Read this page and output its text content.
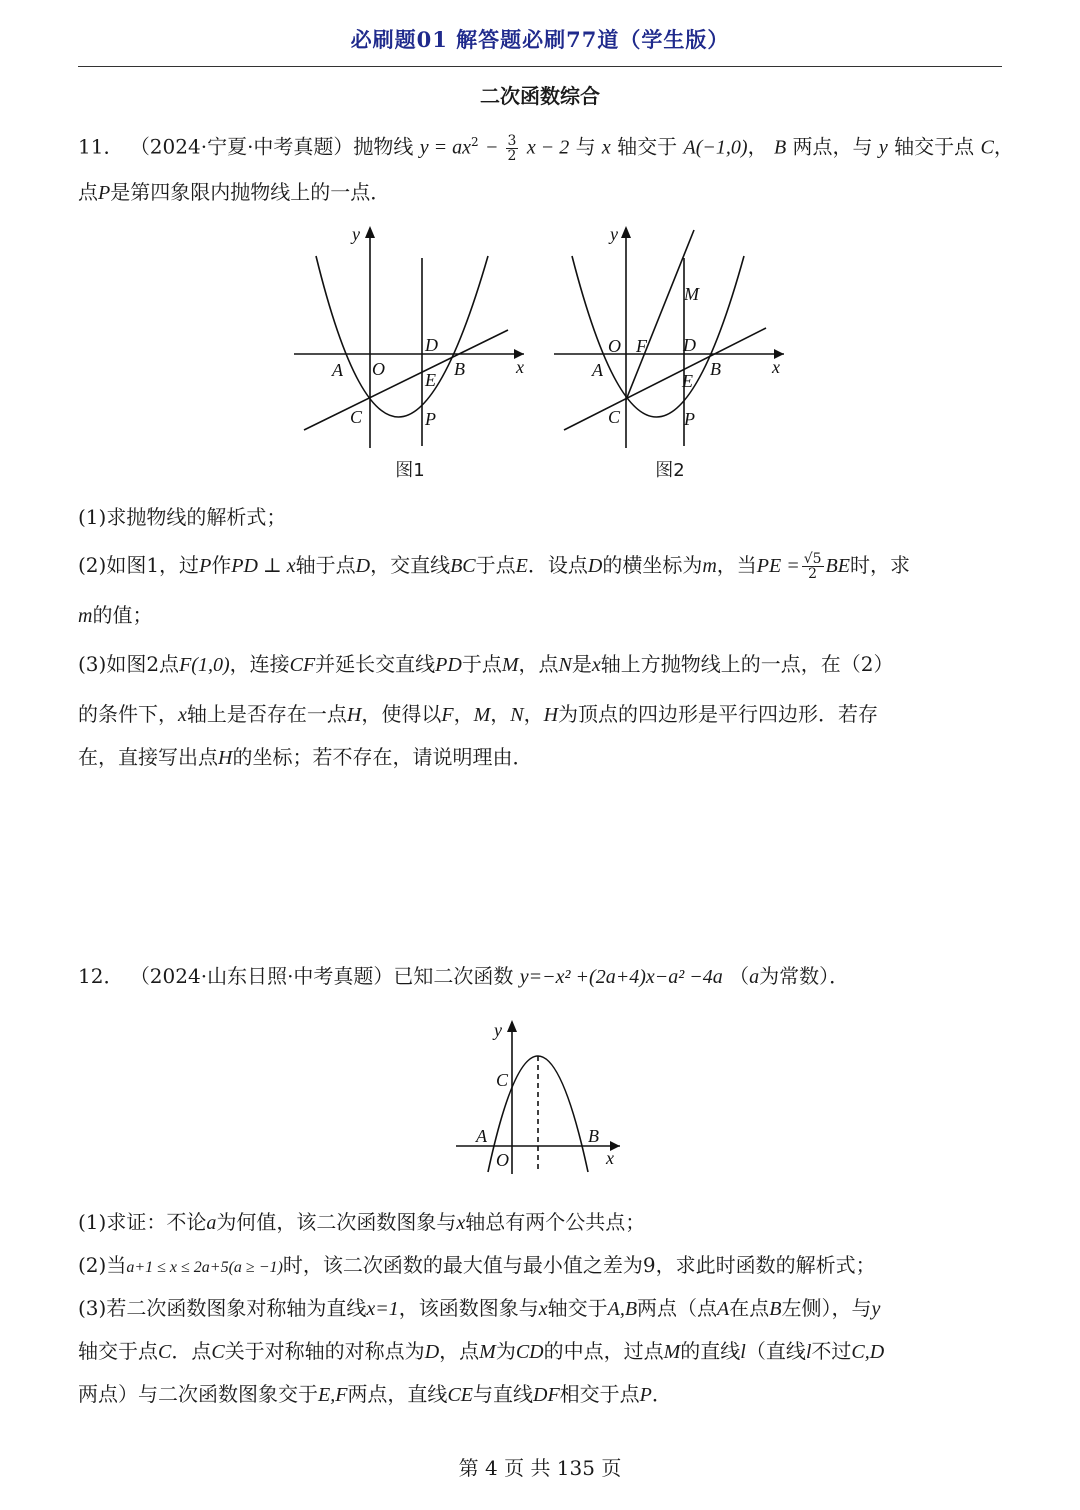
必刷题01 解答题必刷77道（学生版）
二次函数综合
11． （2024·宁夏·中考真题）抛物线 $y = ax^2 - \frac{3}{2}$ x − 2 与 x 轴交于 A(−1,0)， B 两点，与 y 轴交于点 C，
点P是第四象限内抛物线上的一点．
y
x
A O
D
E
B
C	P
图1
y
x
A
O F
M
D
E
B
C	P
图2
(1)求抛物线的解析式；
(2)如图1，过P作PD ⊥ x轴于点D，交直线BC于点E．设点D的横坐标为m，当PE = $\frac{√5}{2}$ BE时，求
m的值；
(3)如图2点F(1,0)，连接CF并延长交直线PD于点M，点N是x轴上方抛物线上的一点，在（2）
的条件下，x轴上是否存在一点H，使得以F，M，N，H为顶点的四边形是平行四边形．若存
在，直接写出点H的坐标；若不存在，请说明理由．
12． （2024·山东日照·中考真题）已知二次函数 y=−x² +(2a+4)x−a² −4a （a为常数）．
y
x
A
O
B
C
(1)求证：不论a为何值，该二次函数图象与x轴总有两个公共点；
(2)当a+1 ≤ x ≤ 2a+5(a ≥ −1)时，该二次函数的最大值与最小值之差为9，求此时函数的解析式；
(3)若二次函数图象对称轴为直线x=1，该函数图象与x轴交于A,B两点（点A在点B左侧），与y
轴交于点C．点C关于对称轴的对称点为D，点M为CD的中点，过点M的直线l（直线l不过C,D
两点）与二次函数图象交于E,F两点，直线CE与直线DF相交于点P．
第 4 页 共 135 页
